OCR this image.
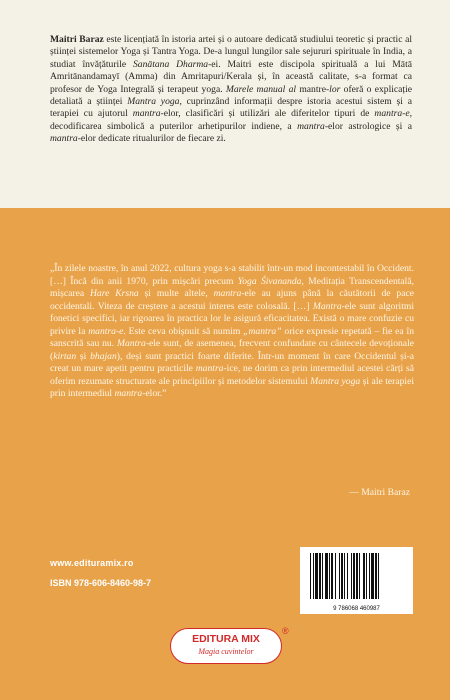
Maitri Baraz este licențiată în istoria artei și o autoare dedicată studiului teoretic și practic al științei sistemelor Yoga și Tantra Yoga. De-a lungul lungilor sale sejururi spirituale în India, a studiat învățăturile Sanātana Dharma-ei. Maitri este discipola spirituală a lui Mātā Amritānandamayī (Amma) din Amritapuri/Kerala și, în această calitate, s-a format ca profesor de Yoga Integrală și terapeut yoga. Marele manual al mantre-lor oferă o explicație detaliată a științei Mantra yoga, cuprinzând informații despre istoria acestui sistem și a terapiei cu ajutorul mantra-elor, clasificări și utilizări ale diferitelor tipuri de mantra-e, decodificarea simbolică a puterilor arhetipurilor indiene, a mantra-elor astrologice și a mantra-elor dedicate ritualurilor de fiecare zi.

„În zilele noastre, în anul 2022, cultura yoga s-a stabilit într-un mod incontestabil în Occident. […] Încă din anii 1970, prin mișcări precum Yoga Śivananda, Meditația Transcendentală, mișcarea Hare Krsna și multe altele, mantra-ele au ajuns până la căutătorii de pace occidentali. Viteza de creștere a acestui interes este colosală. […] Mantra-ele sunt algoritmi fonetici specifici, iar rigoarea în practica lor le asigură eficacitatea. Există o mare confuzie cu privire la mantra-e. Este ceva obișnuit să numim „mantra” orice expresie repetată – fie ea în sanscrită sau nu. Mantra-ele sunt, de asemenea, frecvent confundate cu cântecele devoționale (kirtan și bhajan), deși sunt practici foarte diferite. Într-un moment în care Occidentul și-a creat un mare apetit pentru practicile mantra-ice, ne dorim ca prin intermediul acestei cărți să oferim rezumate structurate ale principiilor și metodelor sistemului Mantra yoga și ale terapiei prin intermediul mantra-elor.”

— Maitri Baraz

www.edituramix.ro

ISBN 978-606-8460-98-7

9 786068 460987

EDITURA MIX

Magia cuvintelor

®
